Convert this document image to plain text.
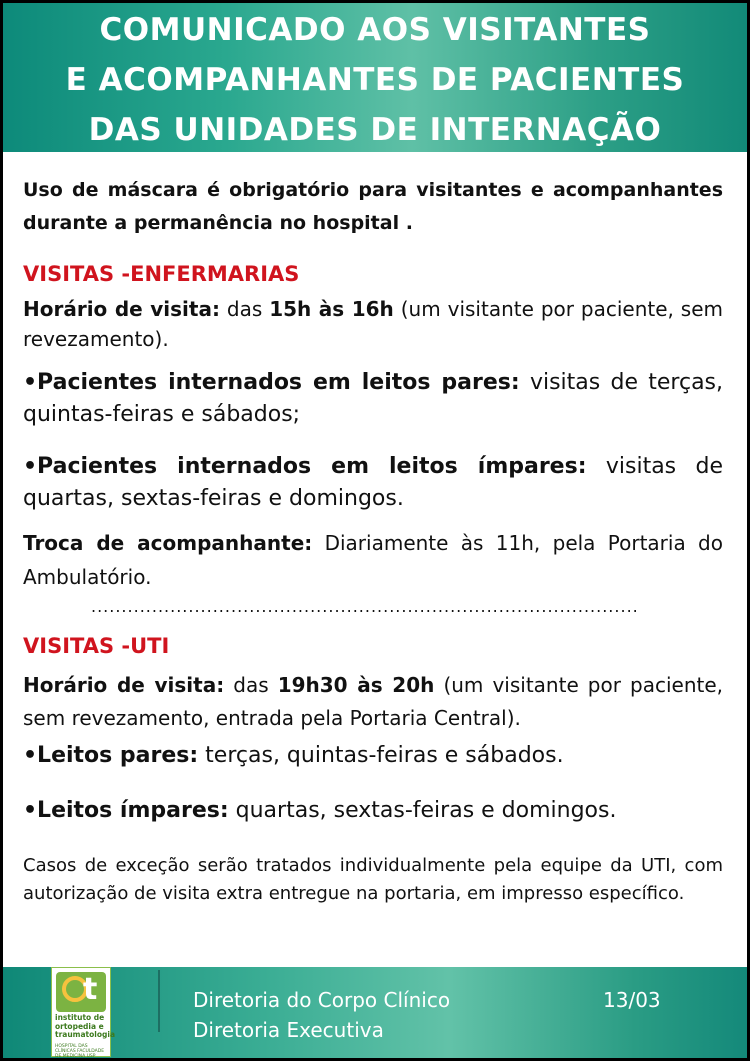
COMUNICADO AOS VISITANTES
E ACOMPANHANTES DE PACIENTES
DAS UNIDADES DE INTERNAÇÃO
Uso de máscara é obrigatório para visitantes e acompanhantes durante a permanência no hospital .
VISITAS -ENFERMARIAS
Horário de visita: das 15h às 16h (um visitante por paciente, sem revezamento).
•Pacientes internados em leitos pares: visitas de terças, quintas-feiras e sábados;
•Pacientes internados em leitos ímpares: visitas de quartas, sextas-feiras e domingos.
Troca de acompanhante: Diariamente às 11h, pela Portaria do Ambulatório.
..........................................................................................
VISITAS -UTI
Horário de visita: das 19h30 às 20h (um visitante por paciente, sem revezamento, entrada pela Portaria Central).
•Leitos pares: terças, quintas-feiras e sábados.
•Leitos ímpares: quartas, sextas-feiras e domingos.
Casos de exceção serão tratados individualmente pela equipe da UTI, com autorização de visita extra entregue na portaria, em impresso específico.
t
instituto de ortopedia e traumatologia
HOSPITAL DAS CLÍNICAS FACULDADE DE MEDICINA USP
Diretoria do Corpo Clínico
Diretoria Executiva
13/03
